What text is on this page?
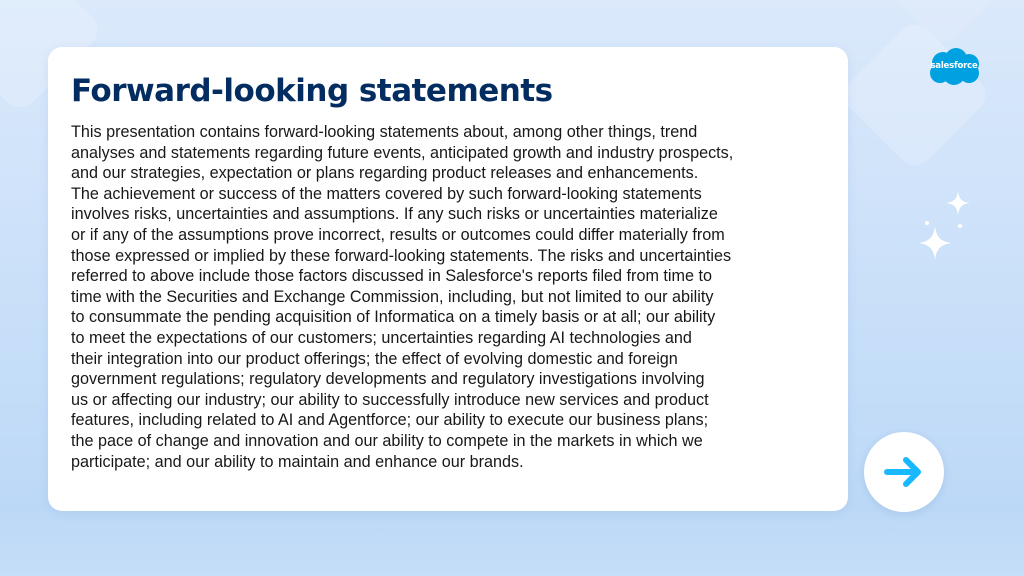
Forward-looking statements

This presentation contains forward-looking statements about, among other things, trend
analyses and statements regarding future events, anticipated growth and industry prospects,
and our strategies, expectation or plans regarding product releases and enhancements.
The achievement or success of the matters covered by such forward-looking statements
involves risks, uncertainties and assumptions. If any such risks or uncertainties materialize
or if any of the assumptions prove incorrect, results or outcomes could differ materially from
those expressed or implied by these forward-looking statements. The risks and uncertainties
referred to above include those factors discussed in Salesforce's reports filed from time to
time with the Securities and Exchange Commission, including, but not limited to our ability
to consummate the pending acquisition of Informatica on a timely basis or at all; our ability
to meet the expectations of our customers; uncertainties regarding AI technologies and
their integration into our product offerings; the effect of evolving domestic and foreign
government regulations; regulatory developments and regulatory investigations involving
us or affecting our industry; our ability to successfully introduce new services and product
features, including related to AI and Agentforce; our ability to execute our business plans;
the pace of change and innovation and our ability to compete in the markets in which we
participate; and our ability to maintain and enhance our brands.

salesforce
